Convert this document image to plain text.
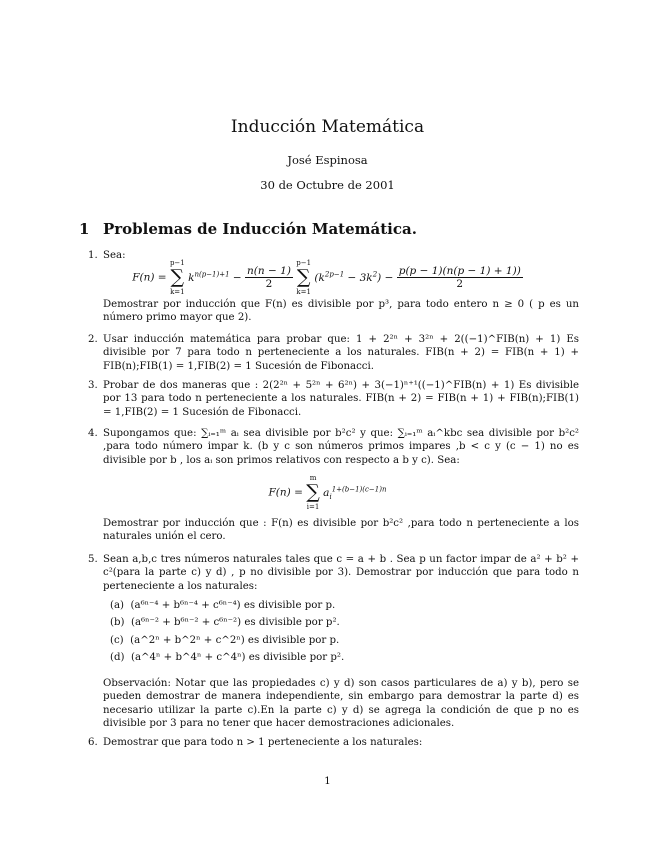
Inducción Matemática
José Espinosa
30 de Octubre de 2001
1 Problemas de Inducción Matemática.
1. Sea:
F(n) =
p−1
∑
k=1
$k^{n(p-1)+1} - \frac{n(n - 1)}{2}$

p−1
∑
k=1
$(k^{2p-1} - 3k^2) - \frac{p(p - 1)(n(p - 1) + 1))}{2}$
Demostrar por inducción que F(n) es divisible por p³, para todo entero n ≥ 0 ( p es un número primo mayor que 2).
2. Usar inducción matemática para probar que: 1 + 2²ⁿ + 3²ⁿ + 2((−1)^FIB(n) + 1) Es divisible por 7 para todo n perteneciente a los naturales. FIB(n + 2) = FIB(n + 1) + FIB(n);FIB(1) = 1,FIB(2) = 1 Sucesión de Fibonacci.
3. Probar de dos maneras que : 2(2²ⁿ + 5²ⁿ + 6²ⁿ) + 3(−1)ⁿ⁺¹((−1)^FIB(n) + 1) Es divisible por 13 para todo n perteneciente a los naturales. FIB(n + 2) = FIB(n + 1) + FIB(n);FIB(1) = 1,FIB(2) = 1 Sucesión de Fibonacci.
4. Supongamos que: ∑ᵢ₌₁ᵐ aᵢ sea divisible por b²c² y que: ∑ᵢ₌₁ᵐ aᵢ^kbc sea divisible por b²c² ,para todo número impar k. (b y c son números primos impares ,b < c y (c − 1) no es divisible por b , los aᵢ son primos relativos con respecto a b y c). Sea:
F(n) =
m
∑
i=1
$a_i^{1+(b-1)(c-1)n}$
Demostrar por inducción que : F(n) es divisible por b²c² ,para todo n perteneciente a los naturales unión el cero.
5. Sean a,b,c tres números naturales tales que c = a + b . Sea p un factor impar de a² + b² + c²(para la parte c) y d) , p no divisible por 3). Demostrar por inducción que para todo n perteneciente a los naturales:
(a) (a⁶ⁿ⁻⁴ + b⁶ⁿ⁻⁴ + c⁶ⁿ⁻⁴) es divisible por p.
(b) (a⁶ⁿ⁻² + b⁶ⁿ⁻² + c⁶ⁿ⁻²) es divisible por p².
(c) (a^2ⁿ + b^2ⁿ + c^2ⁿ) es divisible por p.
(d) (a^4ⁿ + b^4ⁿ + c^4ⁿ) es divisible por p².
Observación: Notar que las propiedades c) y d) son casos particulares de a) y b), pero se pueden demostrar de manera independiente, sin embargo para demostrar la parte d) es necesario utilizar la parte c).En la parte c) y d) se agrega la condición de que p no es divisible por 3 para no tener que hacer demostraciones adicionales.
6. Demostrar que para todo n > 1 perteneciente a los naturales:
1
